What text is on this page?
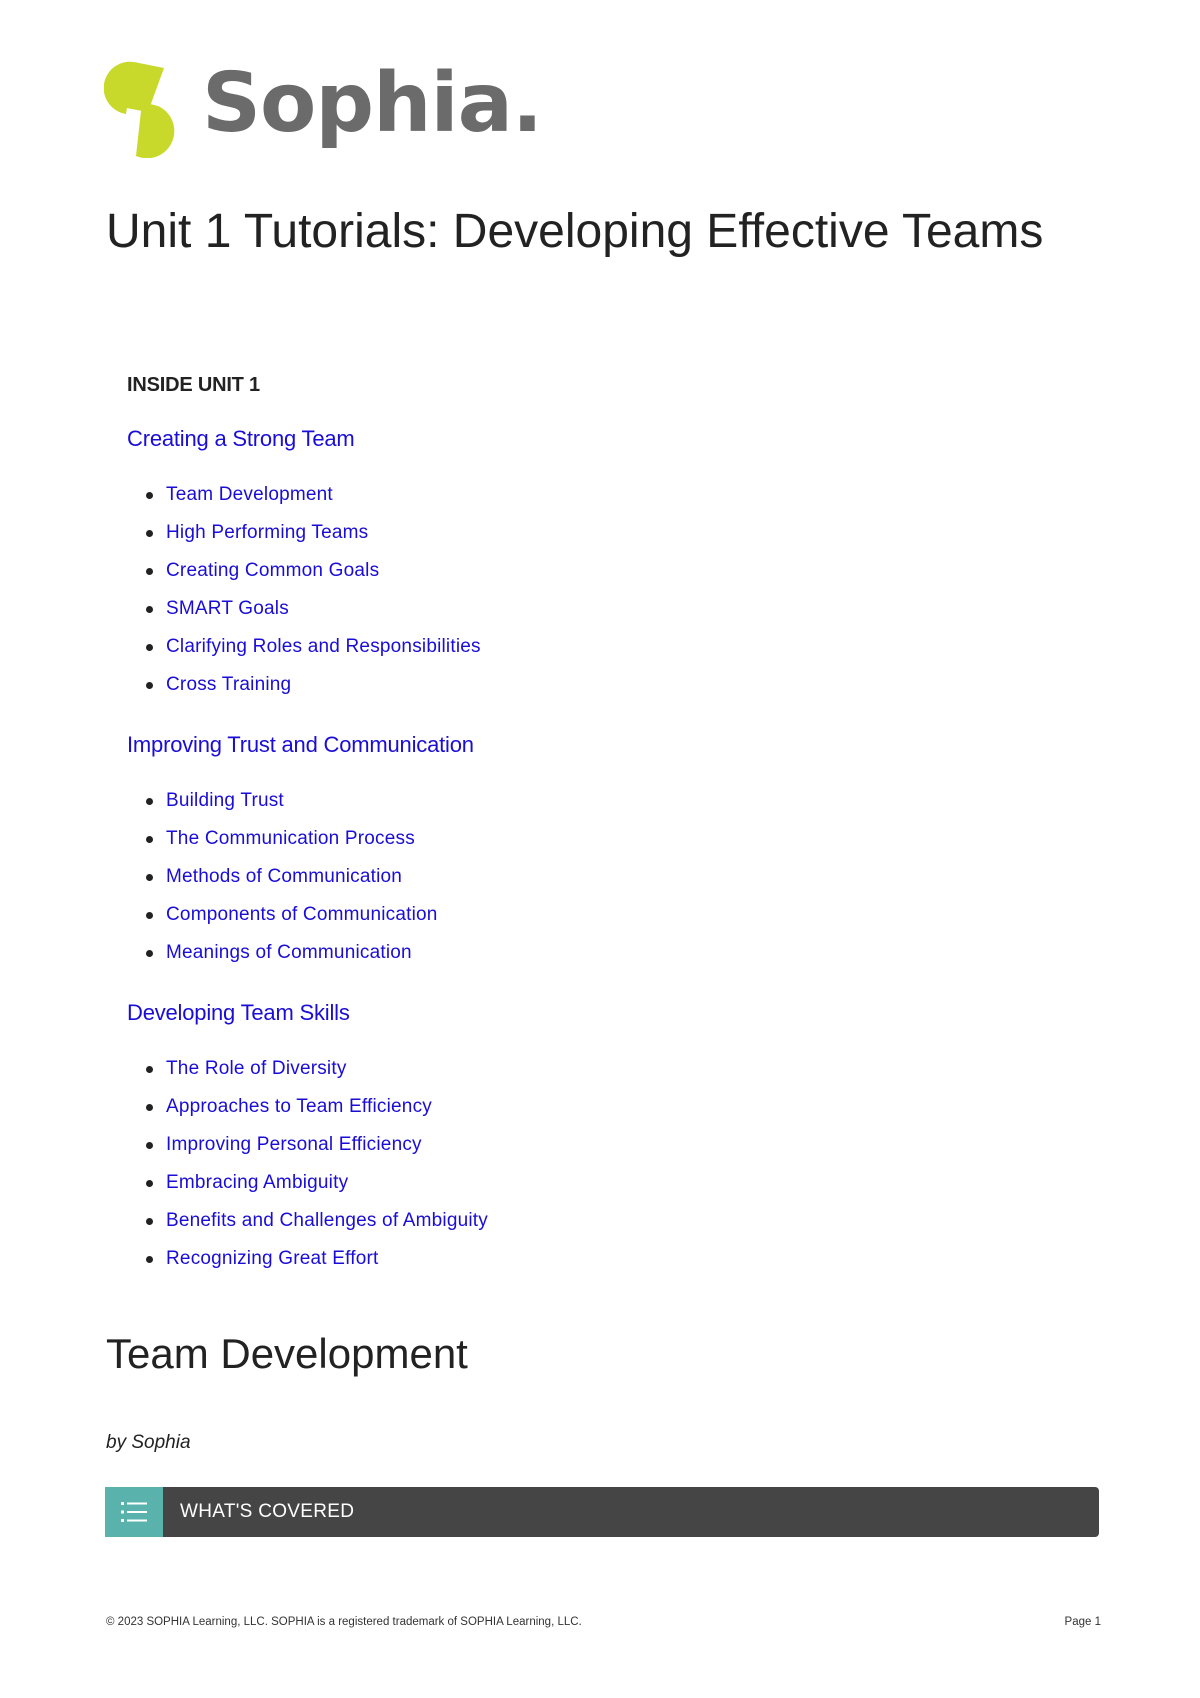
Sophia.
Unit 1 Tutorials: Developing Effective Teams

INSIDE UNIT 1

Creating a Strong Team

Team Development
High Performing Teams
Creating Common Goals
SMART Goals
Clarifying Roles and Responsibilities
Cross Training

Improving Trust and Communication

Building Trust
The Communication Process
Methods of Communication
Components of Communication
Meanings of Communication

Developing Team Skills

The Role of Diversity
Approaches to Team Efficiency
Improving Personal Efficiency
Embracing Ambiguity
Benefits and Challenges of Ambiguity
Recognizing Great Effort
Team Development

by Sophia

WHAT'S COVERED

© 2023 SOPHIA Learning, LLC. SOPHIA is a registered trademark of SOPHIA Learning, LLC.	Page 1
